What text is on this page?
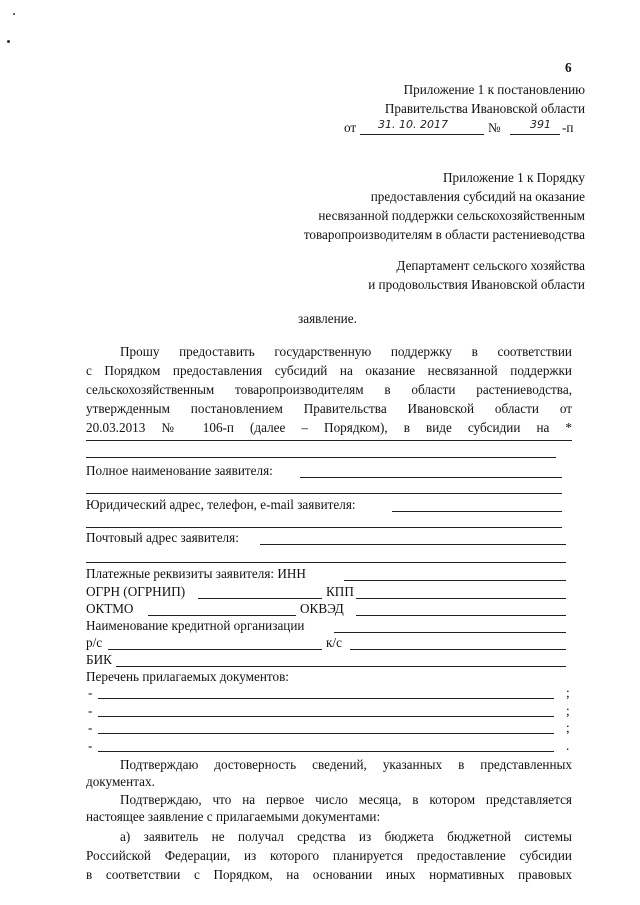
6
Приложение 1 к постановлению
Правительства Ивановской области
от 31. 10. 2017	№	391 -п
Приложение 1 к Порядку
предоставления субсидий на оказание
несвязанной поддержки сельскохозяйственным
товаропроизводителям в области растениеводства
Департамент сельского хозяйства
и продовольствия Ивановской области
заявление.
Прошу предоставить государственную поддержку в соответствии
с Порядком предоставления субсидий на оказание несвязанной поддержки
сельскохозяйственным товаропроизводителям в области растениеводства,
утвержденным постановлением Правительства Ивановской области от
20.03.2013 № 106-п (далее – Порядком), в виде субсидии на *
Полное наименование заявителя:
Юридический адрес, телефон, e-mail заявителя:
Почтовый адрес заявителя:
Платежные реквизиты заявителя: ИНН
ОГРН (ОГРНИП)	КПП
ОКТМО	ОКВЭД
Наименование кредитной организации
р/с	к/с
БИК
Перечень прилагаемых документов:
-	;
-	;
-	;
-	.
Подтверждаю достоверность сведений, указанных в представленных
документах.
Подтверждаю, что на первое число месяца, в котором представляется
настоящее заявление с прилагаемыми документами:
а) заявитель не получал средства из бюджета бюджетной системы
Российской Федерации, из которого планируется предоставление субсидии
в соответствии с Порядком, на основании иных нормативных правовых
